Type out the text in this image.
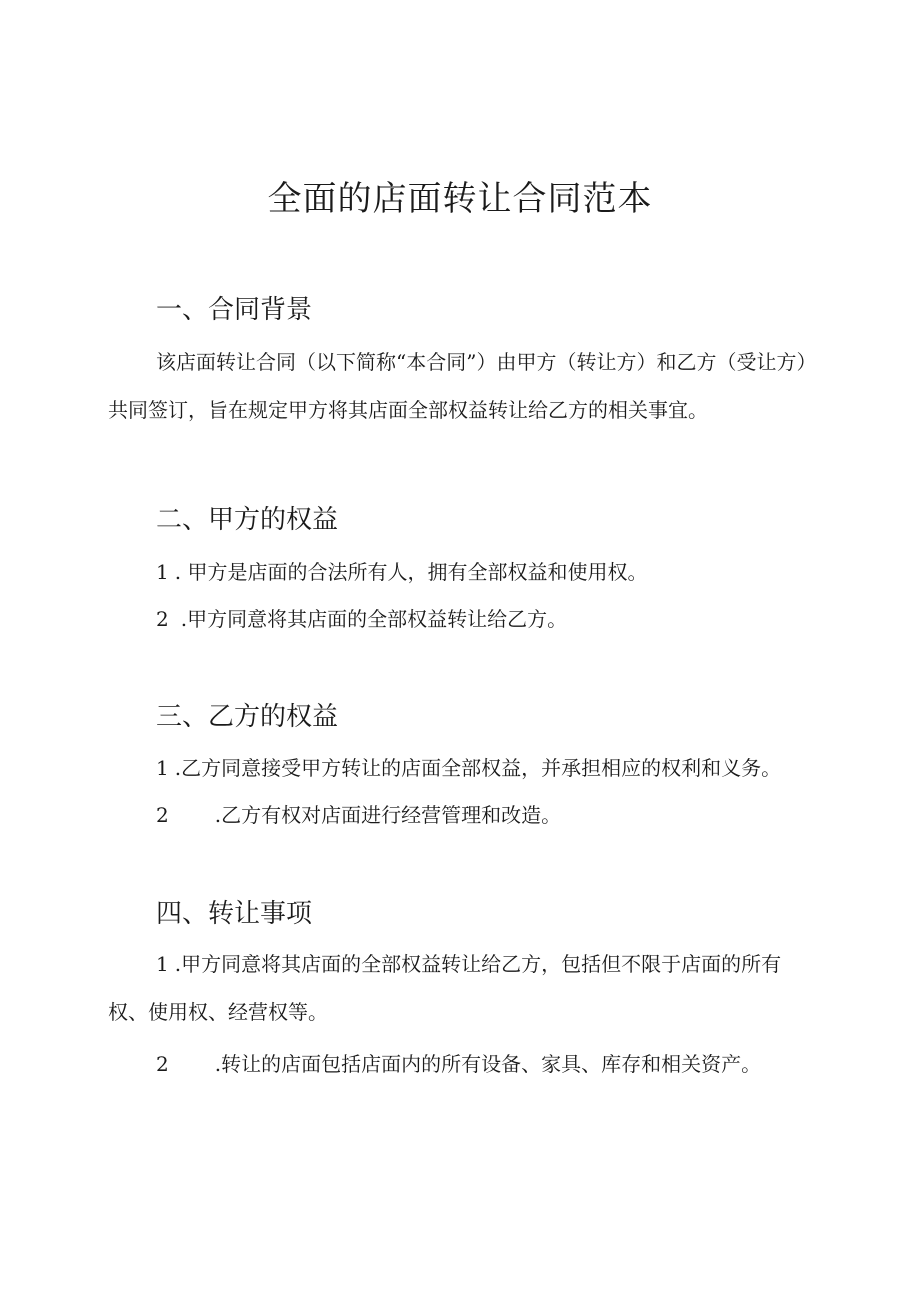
全面的店面转让合同范本
一、合同背景

该店面转让合同（以下简称“本合同”）由甲方（转让方）和乙方（受让方）共同签订，旨在规定甲方将其店面全部权益转让给乙方的相关事宜。

二、甲方的权益
1 . 甲方是店面的合法所有人，拥有全部权益和使用权。
2 .甲方同意将其店面的全部权益转让给乙方。
三、乙方的权益
1 .乙方同意接受甲方转让的店面全部权益，并承担相应的权利和义务。
2 .乙方有权对店面进行经营管理和改造。
四、转让事项
1 .甲方同意将其店面的全部权益转让给乙方，包括但不限于店面的所有权、使用权、经营权等。
2 .转让的店面包括店面内的所有设备、家具、库存和相关资产。
